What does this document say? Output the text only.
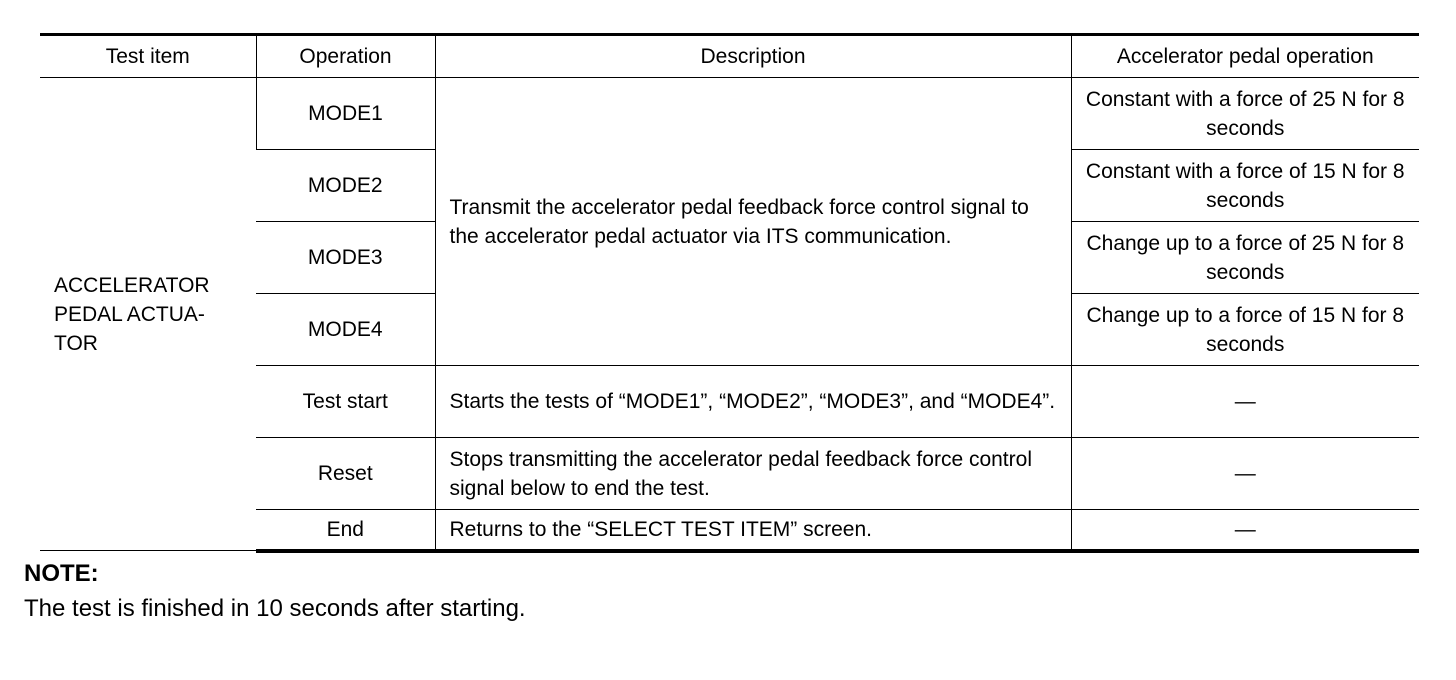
Test item	Operation	Description	Accelerator pedal operation

ACCELERATOR
PEDAL ACTUA-
TOR	MODE1	Transmit the accelerator pedal feedback force control signal to the accelerator pedal actuator via ITS communication.	Constant with a force of 25 N for 8 seconds
	MODE2		Constant with a force of 15 N for 8 seconds
	MODE3		Change up to a force of 25 N for 8 seconds
	MODE4		Change up to a force of 15 N for 8 seconds
	Test start	Starts the tests of “MODE1”, “MODE2”, “MODE3”, and “MODE4”.	—
	Reset	Stops transmitting the accelerator pedal feedback force control signal below to end the test.	—
	End	Returns to the “SELECT TEST ITEM” screen.	—
NOTE:
The test is finished in 10 seconds after starting.
